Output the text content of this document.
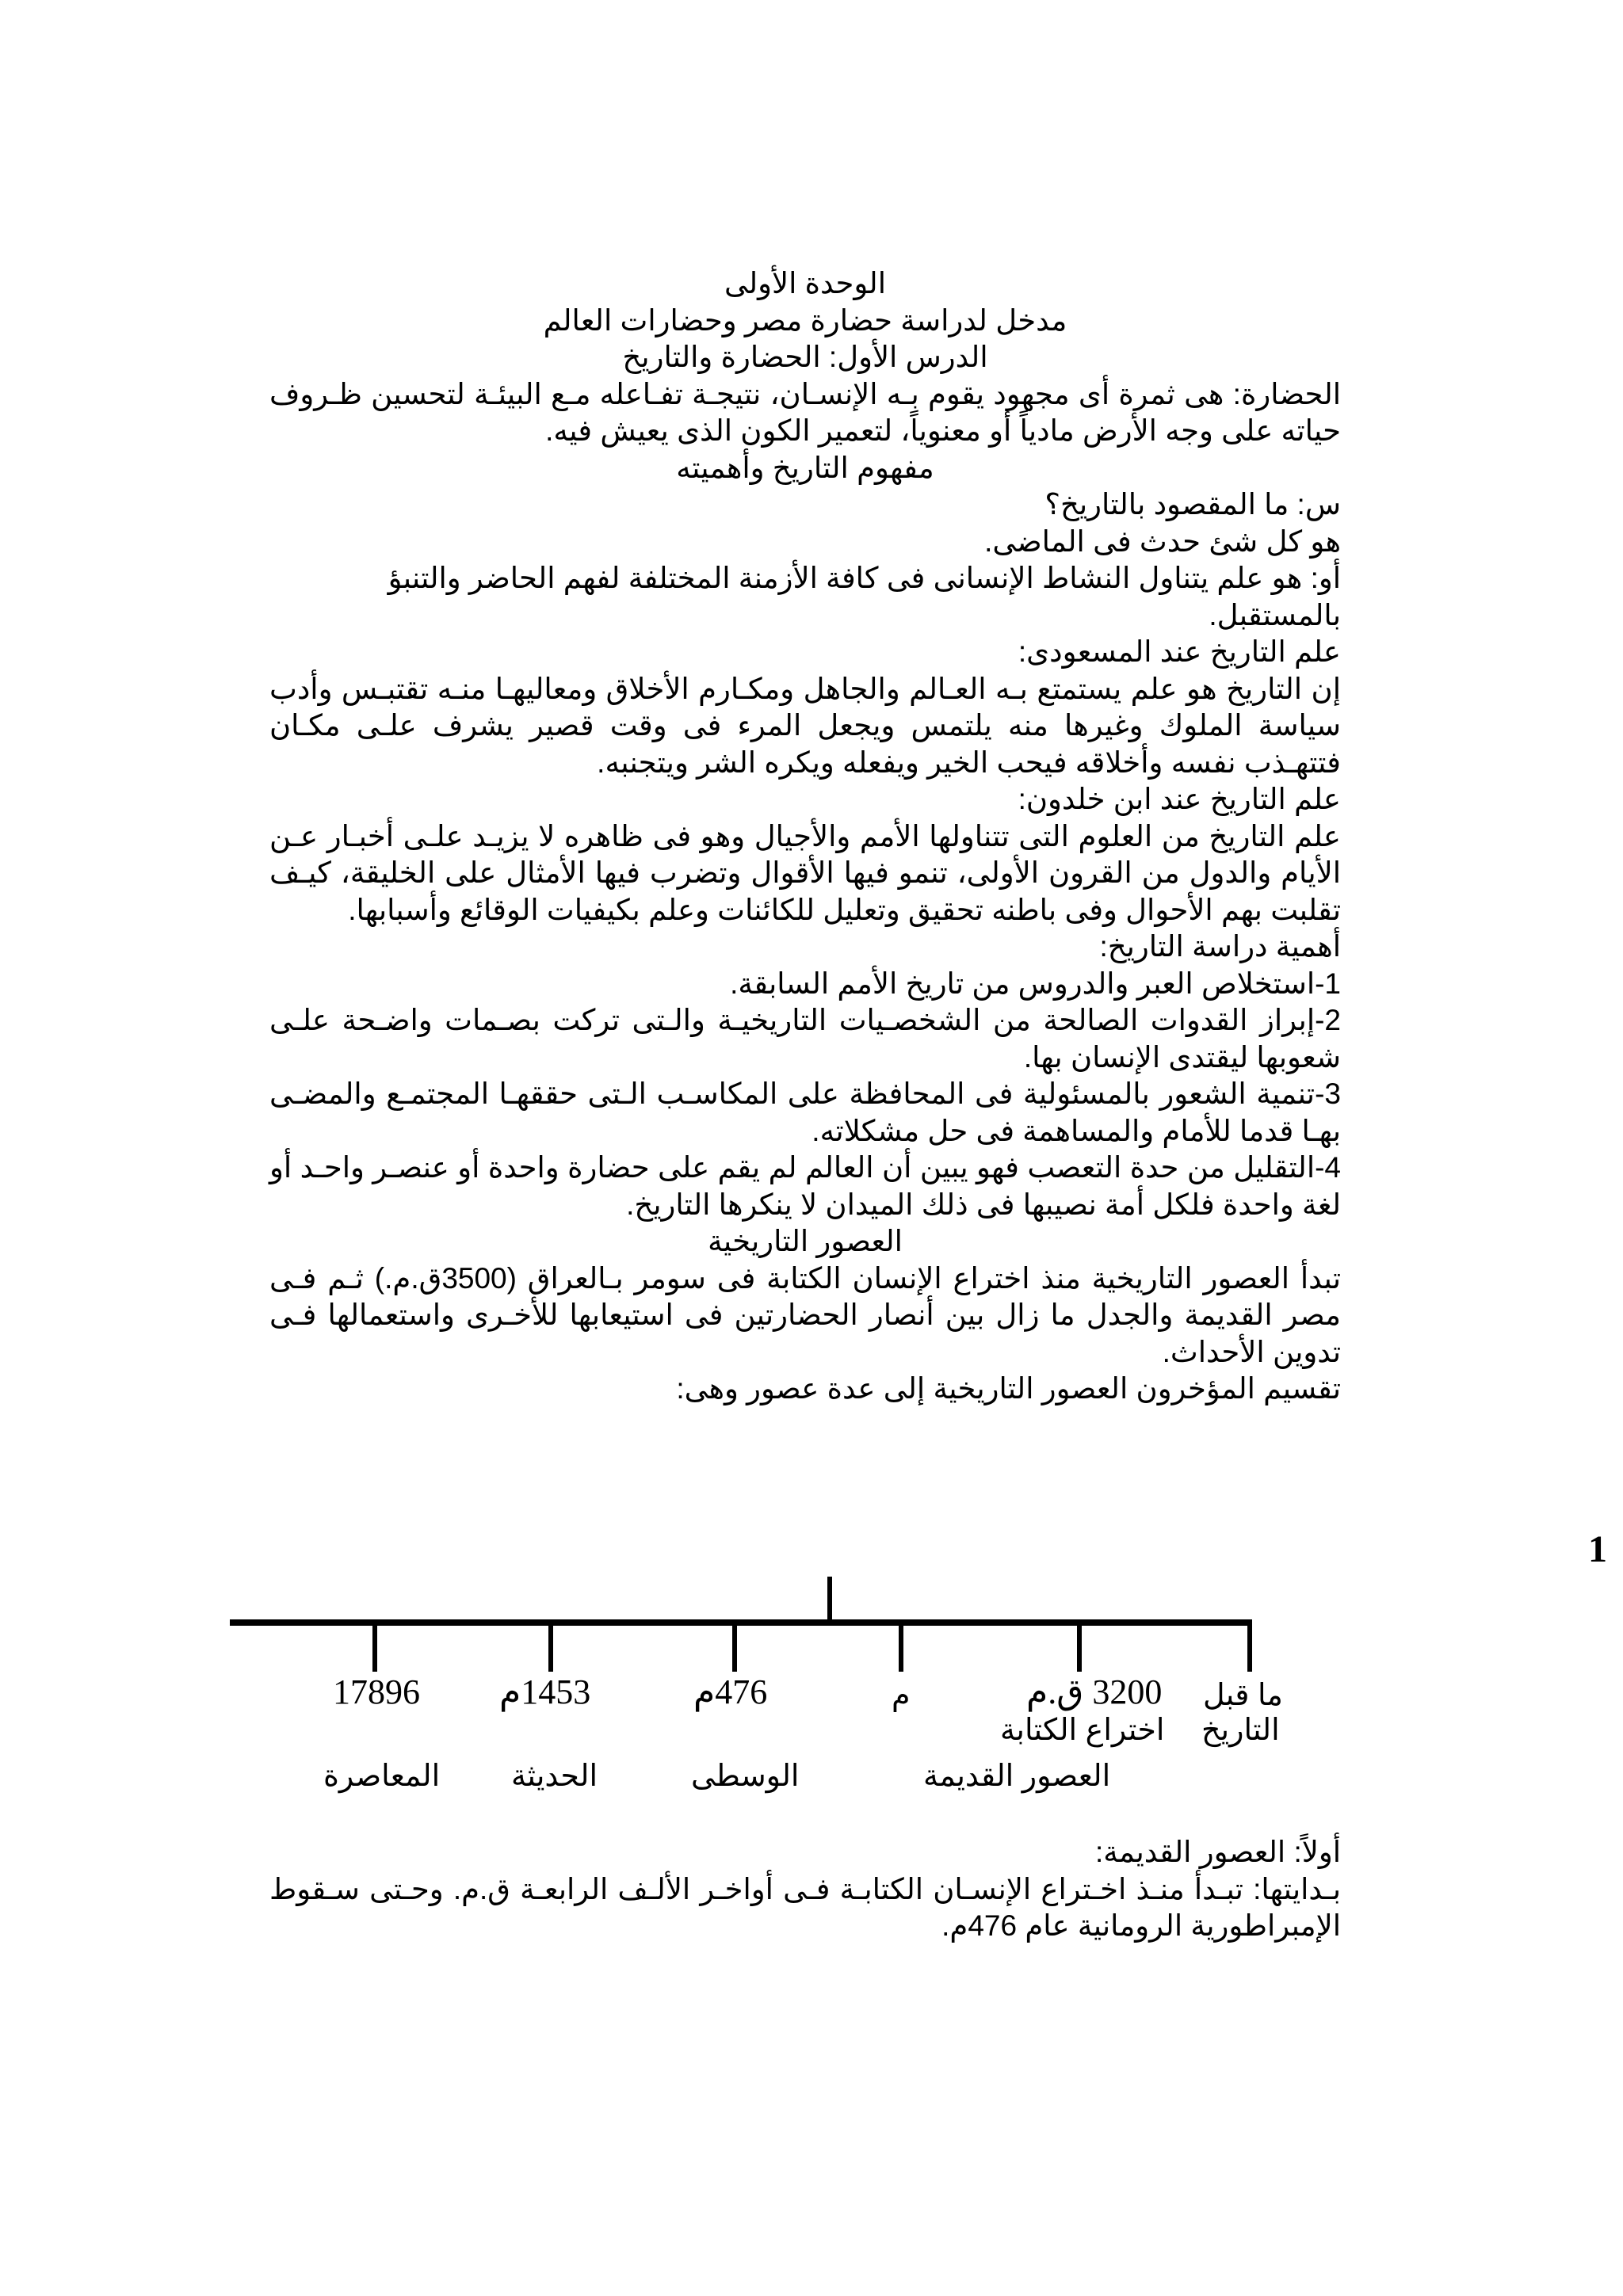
الوحدة الأولى
مدخل لدراسة حضارة مصر وحضارات العالم
الدرس الأول: الحضارة والتاريخ
الحضارة: هى ثمرة أى مجهود يقوم بـه الإنسـان، نتيجـة تفـاعله مـع البيئـة لتحسين ظـروف حياته على وجه الأرض مادياً أو معنوياً، لتعمير الكون الذى يعيش فيه.
مفهوم التاريخ وأهميته
س: ما المقصود بالتاريخ؟
هو كل شئ حدث فى الماضى.
أو: هو علم يتناول النشاط الإنسانى فى كافة الأزمنة المختلفة لفهم الحاضر والتنبؤ بالمستقبل.
علم التاريخ عند المسعودى:
إن التاريخ هو علم يستمتع بـه العـالم والجاهل ومكـارم الأخلاق ومعاليهـا منـه تقتبـس وأدب سياسة الملوك وغيرها منه يلتمس ويجعل المرء فى وقت قصير يشرف علـى مكـان فتتهـذب نفسه وأخلاقه فيحب الخير ويفعله ويكره الشر ويتجنبه.
علم التاريخ عند ابن خلدون:
علم التاريخ من العلوم التى تتناولها الأمم والأجيال وهو فى ظاهره لا يزيـد علـى أخبـار عـن الأيام والدول من القرون الأولى، تنمو فيها الأقوال وتضرب فيها الأمثال على الخليقة، كيـف تقلبت بهم الأحوال وفى باطنه تحقيق وتعليل للكائنات وعلم بكيفيات الوقائع وأسبابها.
أهمية دراسة التاريخ:
1-استخلاص العبر والدروس من تاريخ الأمم السابقة.
2-إبراز القدوات الصالحة من الشخصـيات التاريخيـة والـتى تركت بصـمات واضـحة علـى شعوبها ليقتدى الإنسان بها.
3-تنمية الشعور بالمسئولية فى المحافظة على المكاسـب الـتى حققهـا المجتمـع والمضـى بهـا قدما للأمام والمساهمة فى حل مشكلاته.
4-التقليل من حدة التعصب فهو يبين أن العالم لم يقم على حضارة واحدة أو عنصـر واحـد أو لغة واحدة فلكل أمة نصيبها فى ذلك الميدان لا ينكرها التاريخ.
العصور التاريخية
تبدأ العصور التاريخية منذ اختراع الإنسان الكتابة فى سومر بـالعراق (3500ق.م.) ثـم فـى مصر القديمة والجدل ما زال بين أنصار الحضارتين فى استيعابها للأخـرى واستعمالها فـى تدوين الأحداث.
تقسيم المؤخرون العصور التاريخية إلى عدة عصور وهى:
ما قبل
التاريخ
3200 ق.م
اختراع الكتابة
م
476م
1453م
17896
العصور القديمة
الوسطى
الحديثة
المعاصرة
أولاً: العصور القديمة:
بـدايتها: تبـدأ منـذ اخـتراع الإنسـان الكتابـة فـى أواخـر الألـف الرابعـة ق.م. وحـتى سـقوط الإمبراطورية الرومانية عام 476م.
1
